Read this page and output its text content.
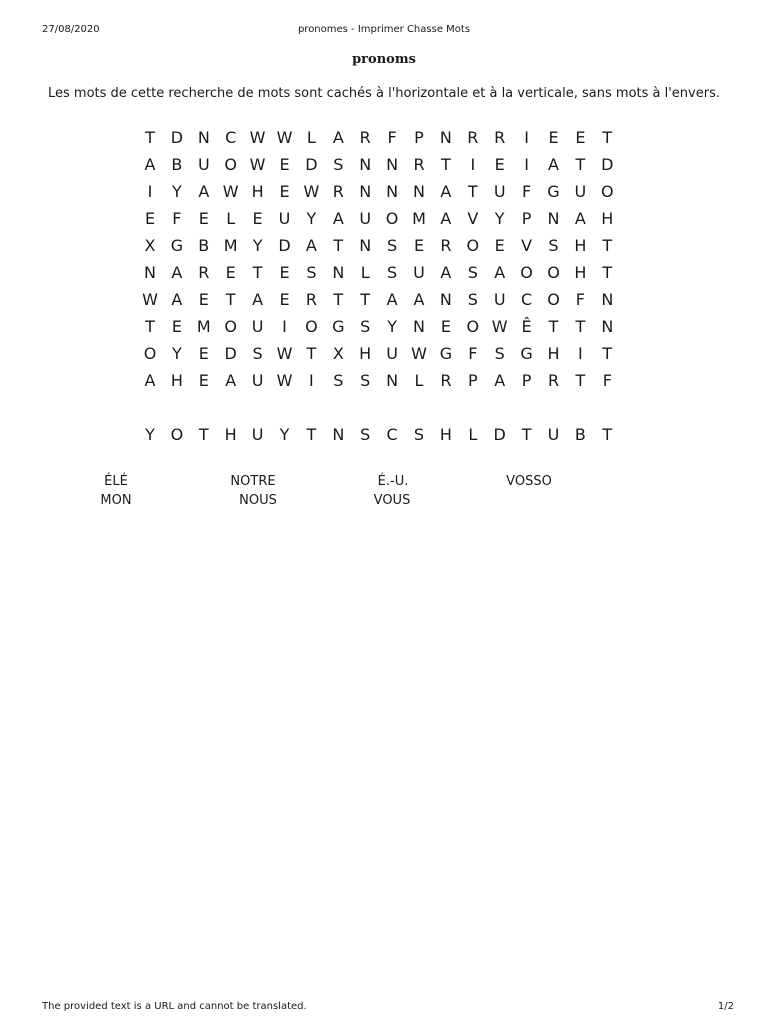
27/08/2020	pronomes - Imprimer Chasse Mots
pronoms
Les mots de cette recherche de mots sont cachés à l'horizontale et à la verticale, sans mots à l'envers.
T D N C W W L	A R	F	P	N R R	I	E	E	T
A B U O W E D S N N R	T	I	E	I	A	T D
I	Y	A W H E W R N N N A	T	U	F	G U O
E	F	E	L	E	U	Y	A U O M A V	Y	P	N A H
X G B M Y D A	T	N S	E	R O E	V	S H	T
N A R	E	T	E	S N	L	S U A	S	A O O H	T
W A	E	T	A	E	R	T	T	A A N S U C O F	N
T	E M O U	I	O G S	Y	N E O W Ê	T	T	N
O Y	E D S W T	X H U W G	F	S G H	I	T
A H E	A U W	I	S	S N	L	R	P	A	P	R	T	F
Y O T H U	Y	T	N S	C	S H	L	D T	U B	T
ÉLÉ	NOTRE	É.-U.	VOSSO
MON	NOUS	VOUS
The provided text is a URL and cannot be translated.	1/2
